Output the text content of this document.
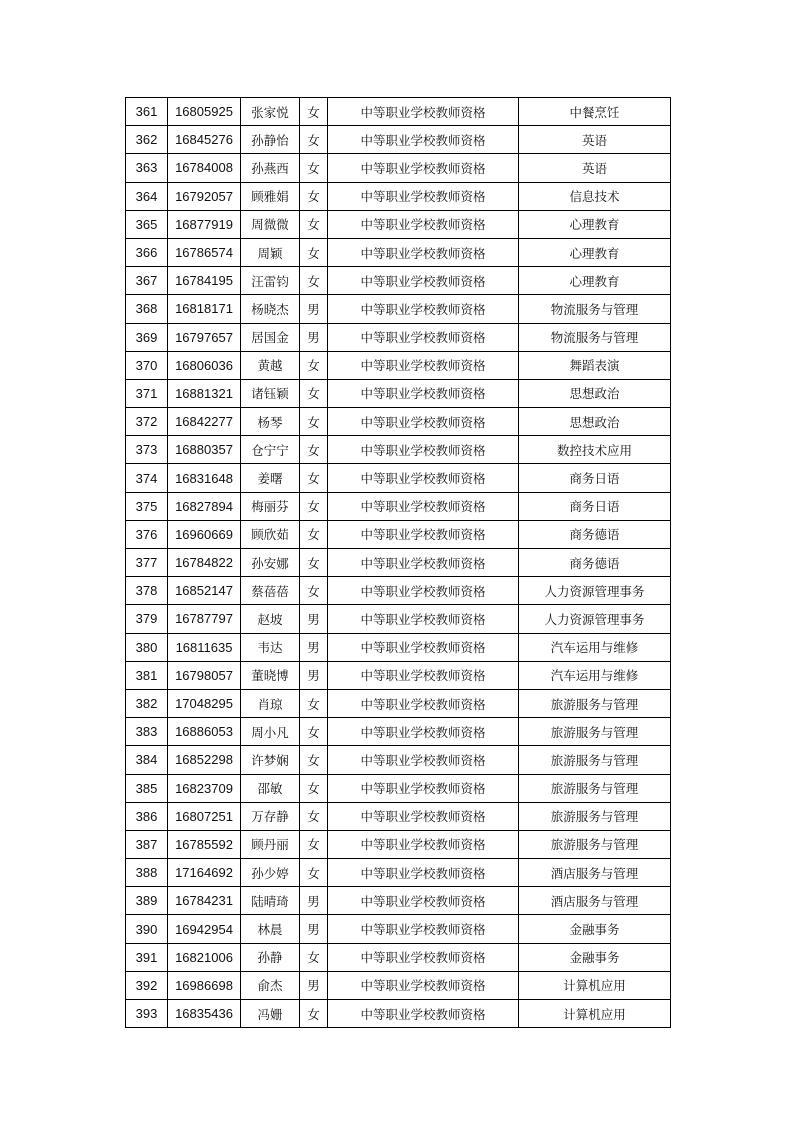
361	16805925	张家悦	女	中等职业学校教师资格	中餐烹饪
362	16845276	孙静怡	女	中等职业学校教师资格	英语
363	16784008	孙燕西	女	中等职业学校教师资格	英语
364	16792057	顾雅娟	女	中等职业学校教师资格	信息技术
365	16877919	周微微	女	中等职业学校教师资格	心理教育
366	16786574	周颖	女	中等职业学校教师资格	心理教育
367	16784195	汪雷钧	女	中等职业学校教师资格	心理教育
368	16818171	杨晓杰	男	中等职业学校教师资格	物流服务与管理
369	16797657	居国金	男	中等职业学校教师资格	物流服务与管理
370	16806036	黄越	女	中等职业学校教师资格	舞蹈表演
371	16881321	诸钰颖	女	中等职业学校教师资格	思想政治
372	16842277	杨琴	女	中等职业学校教师资格	思想政治
373	16880357	仓宁宁	女	中等职业学校教师资格	数控技术应用
374	16831648	姜曙	女	中等职业学校教师资格	商务日语
375	16827894	梅丽芬	女	中等职业学校教师资格	商务日语
376	16960669	顾欣茹	女	中等职业学校教师资格	商务德语
377	16784822	孙安娜	女	中等职业学校教师资格	商务德语
378	16852147	蔡蓓蓓	女	中等职业学校教师资格	人力资源管理事务
379	16787797	赵坡	男	中等职业学校教师资格	人力资源管理事务
380	16811635	韦达	男	中等职业学校教师资格	汽车运用与维修
381	16798057	董晓博	男	中等职业学校教师资格	汽车运用与维修
382	17048295	肖琼	女	中等职业学校教师资格	旅游服务与管理
383	16886053	周小凡	女	中等职业学校教师资格	旅游服务与管理
384	16852298	许梦娴	女	中等职业学校教师资格	旅游服务与管理
385	16823709	邵敏	女	中等职业学校教师资格	旅游服务与管理
386	16807251	万存静	女	中等职业学校教师资格	旅游服务与管理
387	16785592	顾丹丽	女	中等职业学校教师资格	旅游服务与管理
388	17164692	孙少婷	女	中等职业学校教师资格	酒店服务与管理
389	16784231	陆晴琦	男	中等职业学校教师资格	酒店服务与管理
390	16942954	林晨	男	中等职业学校教师资格	金融事务
391	16821006	孙静	女	中等职业学校教师资格	金融事务
392	16986698	俞杰	男	中等职业学校教师资格	计算机应用
393	16835436	冯姗	女	中等职业学校教师资格	计算机应用
